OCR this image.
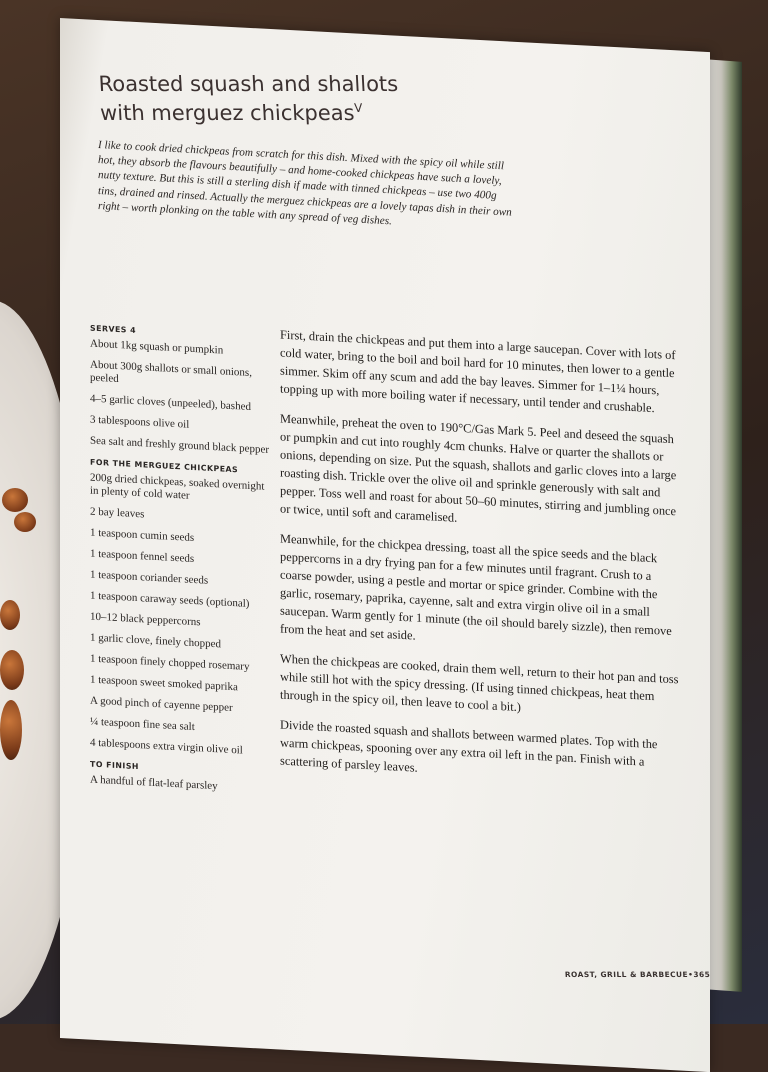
Roasted squash and shallots
with merguez chickpeas$^V$

I like to cook dried chickpeas from scratch for this dish. Mixed with the spicy oil while still hot, they absorb the flavours beautifully – and home-cooked chickpeas have such a lovely, nutty texture. But this is still a sterling dish if made with tinned chickpeas – use two 400g tins, drained and rinsed. Actually the merguez chickpeas are a lovely tapas dish in their own right – worth plonking on the table with any spread of veg dishes.

SERVES 4
About 1kg squash or pumpkin
About 300g shallots or small onions, peeled
4–5 garlic cloves (unpeeled), bashed
3 tablespoons olive oil
Sea salt and freshly ground black pepper
FOR THE MERGUEZ CHICKPEAS
200g dried chickpeas, soaked overnight in plenty of cold water
2 bay leaves
1 teaspoon cumin seeds
1 teaspoon fennel seeds
1 teaspoon coriander seeds
1 teaspoon caraway seeds (optional)
10–12 black peppercorns
1 garlic clove, finely chopped
1 teaspoon finely chopped rosemary
1 teaspoon sweet smoked paprika
A good pinch of cayenne pepper
¼ teaspoon fine sea salt
4 tablespoons extra virgin olive oil
TO FINISH
A handful of flat-leaf parsley

First, drain the chickpeas and put them into a large saucepan. Cover with lots of cold water, bring to the boil and boil hard for 10 minutes, then lower to a gentle simmer. Skim off any scum and add the bay leaves. Simmer for 1–1¼ hours, topping up with more boiling water if necessary, until tender and crushable.

Meanwhile, preheat the oven to 190°C/Gas Mark 5. Peel and deseed the squash or pumpkin and cut into roughly 4cm chunks. Halve or quarter the shallots or onions, depending on size. Put the squash, shallots and garlic cloves into a large roasting dish. Trickle over the olive oil and sprinkle generously with salt and pepper. Toss well and roast for about 50–60 minutes, stirring and jumbling once or twice, until soft and caramelised.

Meanwhile, for the chickpea dressing, toast all the spice seeds and the black peppercorns in a dry frying pan for a few minutes until fragrant. Crush to a coarse powder, using a pestle and mortar or spice grinder. Combine with the garlic, rosemary, paprika, cayenne, salt and extra virgin olive oil in a small saucepan. Warm gently for 1 minute (the oil should barely sizzle), then remove from the heat and set aside.

When the chickpeas are cooked, drain them well, return to their hot pan and toss while still hot with the spicy dressing. (If using tinned chickpeas, heat them through in the spicy oil, then leave to cool a bit.)

Divide the roasted squash and shallots between warmed plates. Top with the warm chickpeas, spooning over any extra oil left in the pan. Finish with a scattering of parsley leaves.

ROAST, GRILL & BARBECUE•365
